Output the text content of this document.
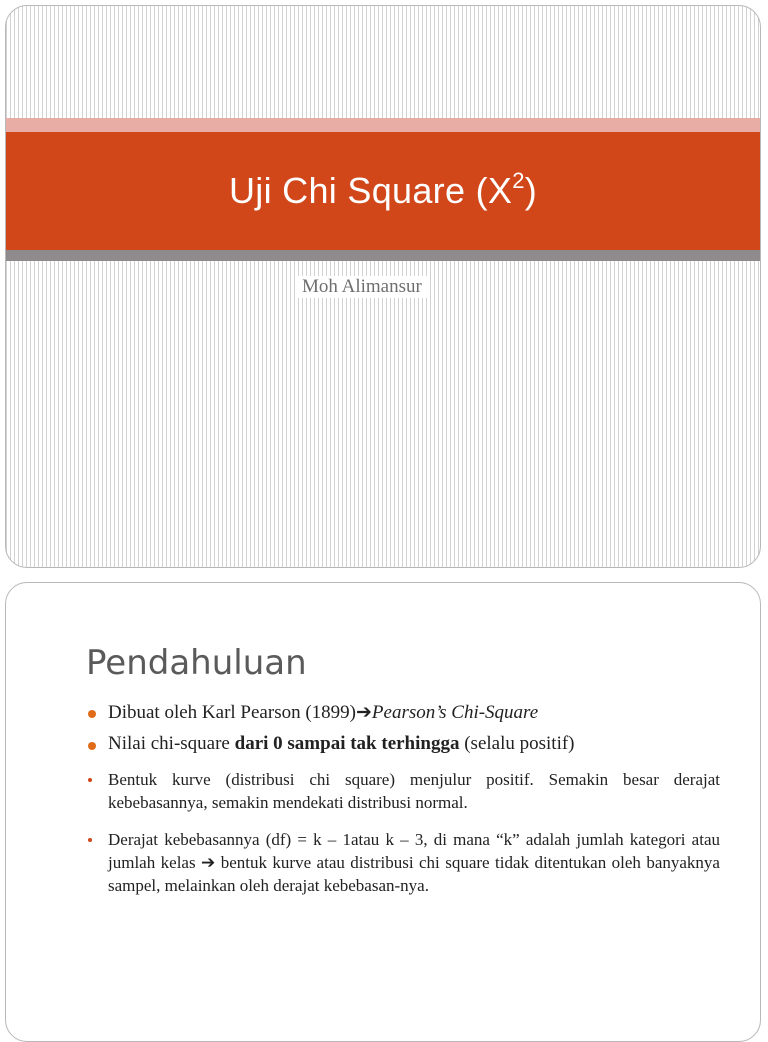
Uji Chi Square $(X^2)$
Moh Alimansur
Pendahuluan
Dibuat oleh Karl Pearson (1899)➔Pearson’s Chi-Square
Nilai chi-square dari 0 sampai tak terhingga (selalu positif)
Bentuk kurve (distribusi chi square) menjulur positif. Semakin besar derajat kebebasannya, semakin mendekati distribusi normal.
Derajat kebebasannya (df) = k – 1atau k – 3, di mana “k” adalah jumlah kategori atau jumlah kelas ➔ bentuk kurve atau distribusi chi square tidak ditentukan oleh banyaknya sampel, melainkan oleh derajat kebebasan-nya.
